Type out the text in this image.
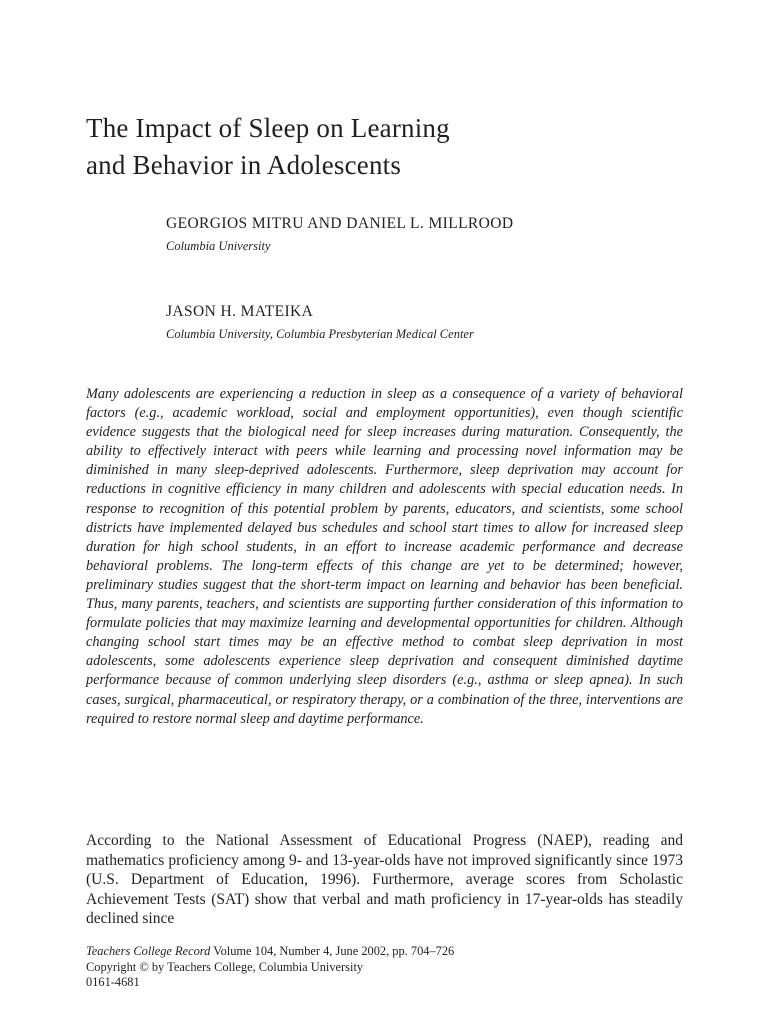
The Impact of Sleep on Learning
and Behavior in Adolescents
GEORGIOS MITRU AND DANIEL L. MILLROOD
Columbia University
JASON H. MATEIKA
Columbia University, Columbia Presbyterian Medical Center

Many adolescents are experiencing a reduction in sleep as a consequence of a variety of behavioral factors (e.g., academic workload, social and employment opportunities), even though scientific evidence suggests that the biological need for sleep increases during maturation. Consequently, the ability to effectively interact with peers while learning and processing novel information may be diminished in many sleep-deprived adolescents. Furthermore, sleep deprivation may account for reductions in cognitive efficiency in many children and adolescents with special education needs. In response to recognition of this potential problem by parents, educators, and scientists, some school districts have implemented delayed bus schedules and school start times to allow for increased sleep duration for high school students, in an effort to increase academic performance and decrease behavioral problems. The long-term effects of this change are yet to be determined; however, preliminary studies suggest that the short-term impact on learning and behavior has been beneficial. Thus, many parents, teachers, and scientists are supporting further consideration of this information to formulate policies that may maximize learning and developmental opportunities for children. Although changing school start times may be an effective method to combat sleep deprivation in most adolescents, some adolescents experience sleep deprivation and consequent diminished daytime performance because of common underlying sleep disorders (e.g., asthma or sleep apnea). In such cases, surgical, pharmaceutical, or respiratory therapy, or a combination of the three, interventions are required to restore normal sleep and daytime performance.

According to the National Assessment of Educational Progress (NAEP), reading and mathematics proficiency among 9- and 13-year-olds have not improved significantly since 1973 (U.S. Department of Education, 1996). Furthermore, average scores from Scholastic Achievement Tests (SAT) show that verbal and math proficiency in 17-year-olds has steadily declined since

Teachers College Record Volume 104, Number 4, June 2002, pp. 704–726
Copyright © by Teachers College, Columbia University
0161-4681
